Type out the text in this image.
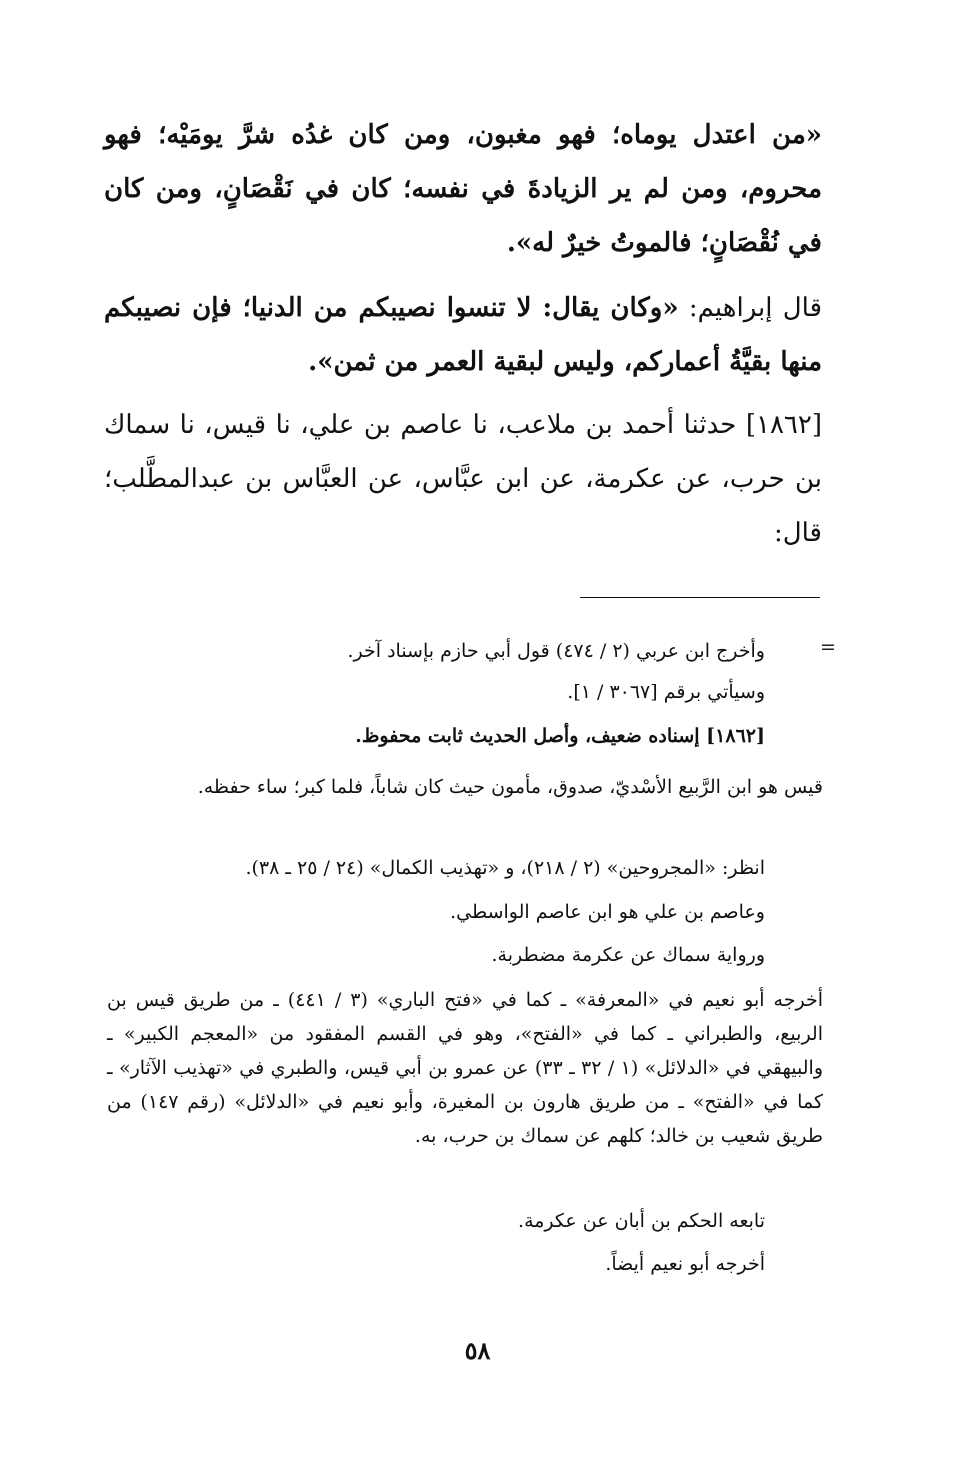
«من اعتدل يوماه؛ فهو مغبون، ومن كان غدُه شرَّ يومَيْه؛ فهو محروم، ومن لم ير الزيادةَ في نفسه؛ كان في نَقْصَانٍ، ومن كان في نُقْصَانٍ؛ فالموتُ خيرٌ له».

قال إبراهيم: «وكان يقال: لا تنسوا نصيبكم من الدنيا؛ فإن نصيبكم منها بقيَّةُ أعماركم، وليس لبقية العمر من ثمن».

[١٨٦٢] حدثنا أحمد بن ملاعب، نا عاصم بن علي، نا قيس، نا سماك بن حرب، عن عكرمة، عن ابن عبَّاس، عن العبَّاس بن عبدالمطَّلب؛ قال:

=

وأخرج ابن عربي (٢ / ٤٧٤) قول أبي حازم بإسناد آخر.

وسيأتي برقم [٣٠٦٧ / ١].

[١٨٦٢] إسناده ضعيف، وأصل الحديث ثابت محفوظ.

قيس هو ابن الرَّبيع الأسْديّ، صدوق، مأمون حيث كان شاباً، فلما كبر؛ ساء حفظه.

انظر: «المجروحين» (٢ / ٢١٨)، و «تهذيب الكمال» (٢٤ / ٢٥ ـ ٣٨).

وعاصم بن علي هو ابن عاصم الواسطي.

ورواية سماك عن عكرمة مضطربة.

أخرجه أبو نعيم في «المعرفة» ـ كما في «فتح الباري» (٣ / ٤٤١) ـ من طريق قيس بن الربيع، والطبراني ـ كما في «الفتح»، وهو في القسم المفقود من «المعجم الكبير» ـ والبيهقي في «الدلائل» (١ / ٣٢ ـ ٣٣) عن عمرو بن أبي قيس، والطبري في «تهذيب الآثار» ـ كما في «الفتح» ـ من طريق هارون بن المغيرة، وأبو نعيم في «الدلائل» (رقم ١٤٧) من طريق شعيب بن خالد؛ كلهم عن سماك بن حرب، به.

تابعه الحكم بن أبان عن عكرمة.

أخرجه أبو نعيم أيضاً.

٥٨
